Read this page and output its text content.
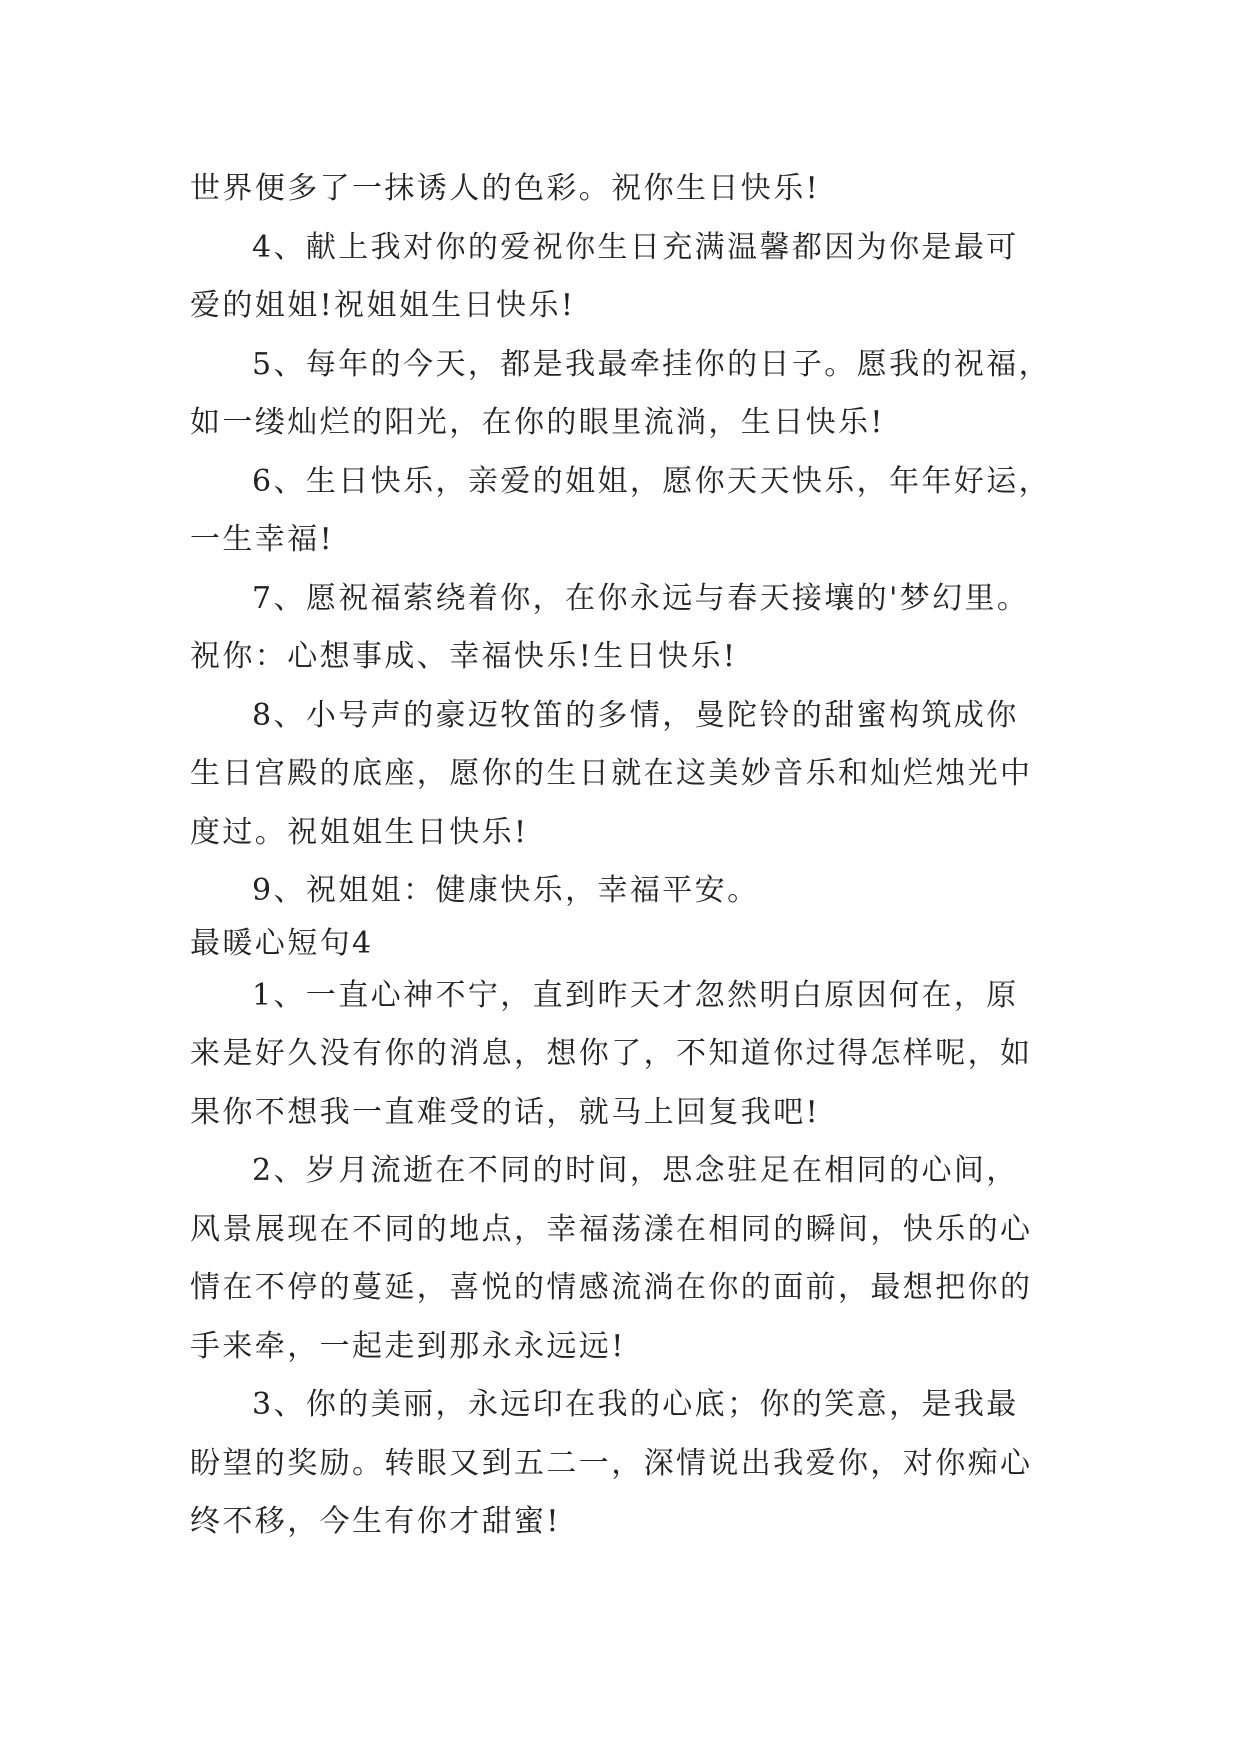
世界便多了一抹诱人的色彩。祝你生日快乐!
4、献上我对你的爱祝你生日充满温馨都因为你是最可
爱的姐姐!祝姐姐生日快乐!
5、每年的今天，都是我最牵挂你的日子。愿我的祝福，
如一缕灿烂的阳光，在你的眼里流淌，生日快乐!
6、生日快乐，亲爱的姐姐，愿你天天快乐，年年好运，
一生幸福!
7、愿祝福萦绕着你，在你永远与春天接壤的'梦幻里。
祝你：心想事成、幸福快乐!生日快乐!
8、小号声的豪迈牧笛的多情，曼陀铃的甜蜜构筑成你
生日宫殿的底座，愿你的生日就在这美妙音乐和灿烂烛光中
度过。祝姐姐生日快乐!
9、祝姐姐：健康快乐，幸福平安。
最暖心短句4
1、一直心神不宁，直到昨天才忽然明白原因何在，原
来是好久没有你的消息，想你了，不知道你过得怎样呢，如
果你不想我一直难受的话，就马上回复我吧!
2、岁月流逝在不同的时间，思念驻足在相同的心间，
风景展现在不同的地点，幸福荡漾在相同的瞬间，快乐的心
情在不停的蔓延，喜悦的情感流淌在你的面前，最想把你的
手来牵，一起走到那永永远远!
3、你的美丽，永远印在我的心底；你的笑意，是我最
盼望的奖励。转眼又到五二一，深情说出我爱你，对你痴心
终不移，今生有你才甜蜜!
